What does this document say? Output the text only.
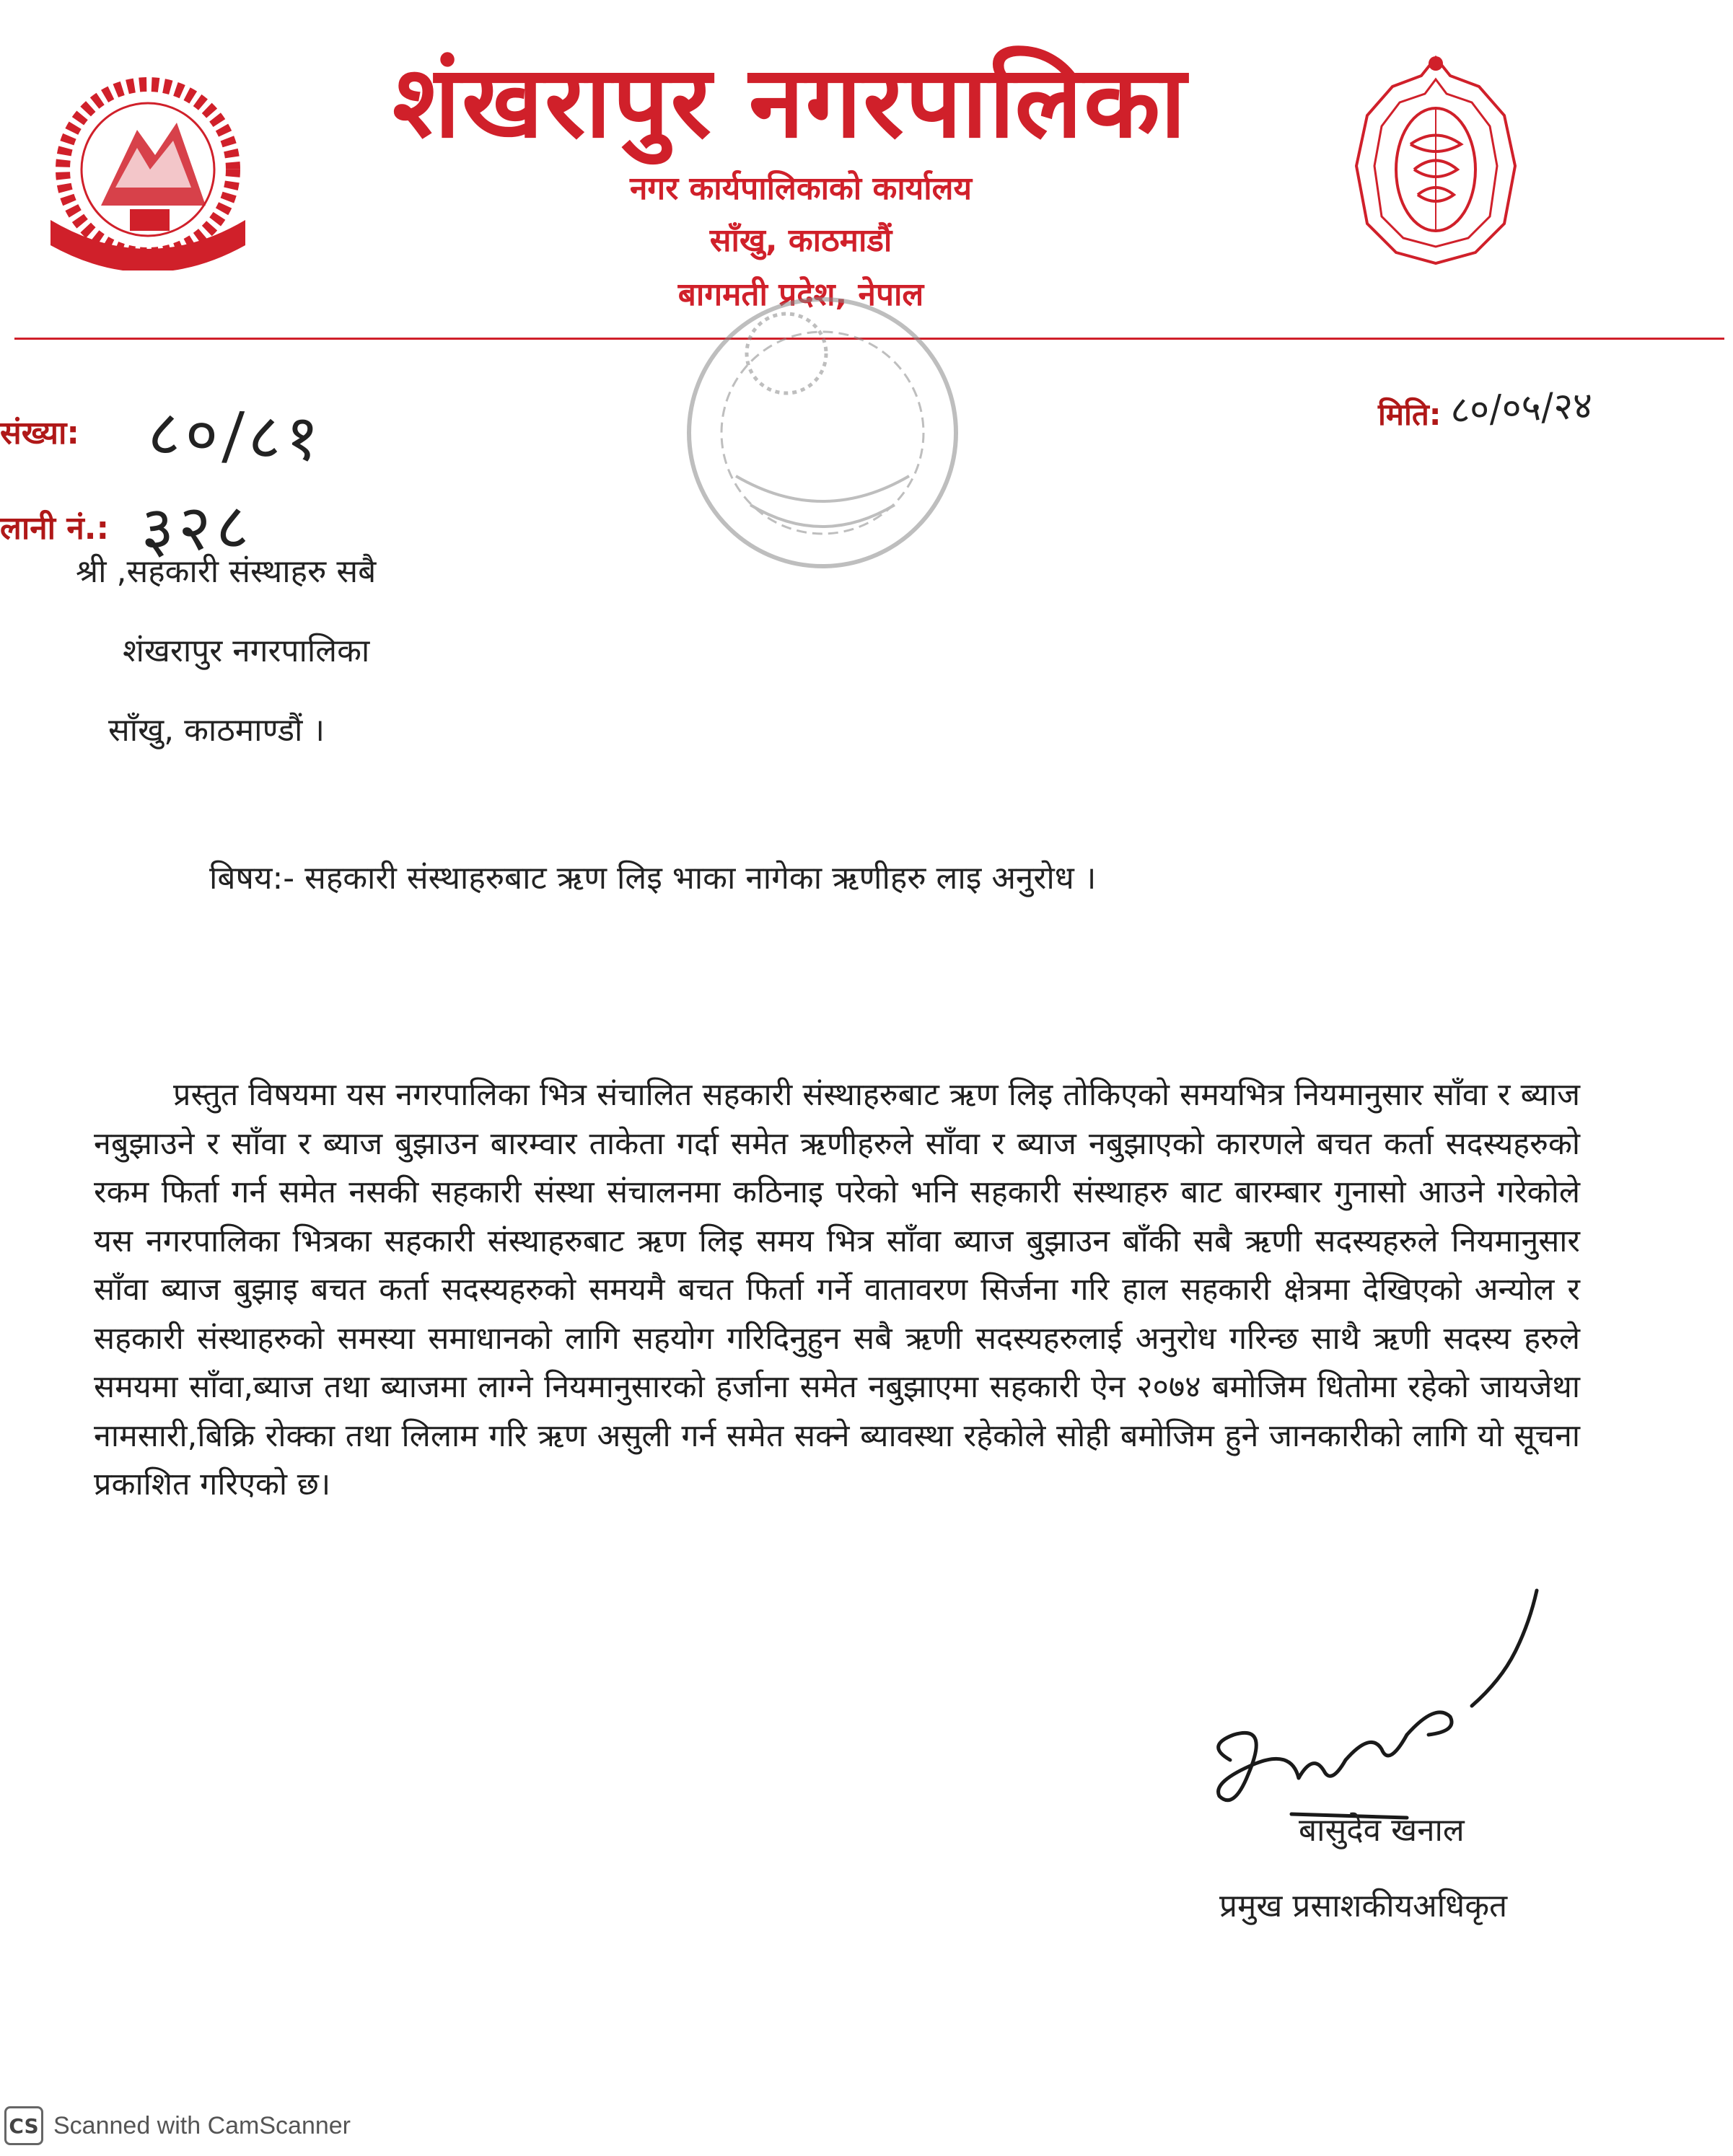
शंखरापुर नगरपालिका
नगर कार्यपालिकाको कार्यालय
साँखु, काठमाडौं
बागमती प्रदेश, नेपाल
संख्या: ८०/८१
लानी नं.: ३२८
मिति: ८०/०५/२४
श्री ,सहकारी संस्थाहरु सबै
शंखरापुर नगरपालिका
साँखु, काठमाण्डौं ।
बिषय:- सहकारी संस्थाहरुबाट ऋण लिइ भाका नागेका ऋणीहरु लाइ अनुरोध ।
प्रस्तुत विषयमा यस नगरपालिका भित्र संचालित सहकारी संस्थाहरुबाट ऋण लिइ तोकिएको समयभित्र नियमानुसार साँवा र ब्याज नबुझाउने र साँवा र ब्याज बुझाउन बारम्वार ताकेता गर्दा समेत ऋणीहरुले साँवा र ब्याज नबुझाएको कारणले बचत कर्ता सदस्यहरुको रकम फिर्ता गर्न समेत नसकी सहकारी संस्था संचालनमा कठिनाइ परेको भनि सहकारी संस्थाहरु बाट बारम्बार गुनासो आउने गरेकोले यस नगरपालिका भित्रका सहकारी संस्थाहरुबाट ऋण लिइ समय भित्र साँवा ब्याज बुझाउन बाँकी सबै ऋणी सदस्यहरुले नियमानुसार साँवा ब्याज बुझाइ बचत कर्ता सदस्यहरुको समयमै बचत फिर्ता गर्ने वातावरण सिर्जना गरि हाल सहकारी क्षेत्रमा देखिएको अन्योल र सहकारी संस्थाहरुको समस्या समाधानको लागि सहयोग गरिदिनुहुन सबै ऋणी सदस्यहरुलाई अनुरोध गरिन्छ साथै ऋणी सदस्य हरुले समयमा साँवा,ब्याज तथा ब्याजमा लाग्ने नियमानुसारको हर्जाना समेत नबुझाएमा सहकारी ऐन २०७४ बमोजिम धितोमा रहेको जायजेथा नामसारी,बिक्रि रोक्का तथा लिलाम गरि ऋण असुली गर्न समेत सक्ने ब्यावस्था रहेकोले सोही बमोजिम हुने जानकारीको लागि यो सूचना प्रकाशित गरिएको छ।
बासुदेव खनाल
प्रमुख प्रसाशकीयअधिकृत
CS Scanned with CamScanner
